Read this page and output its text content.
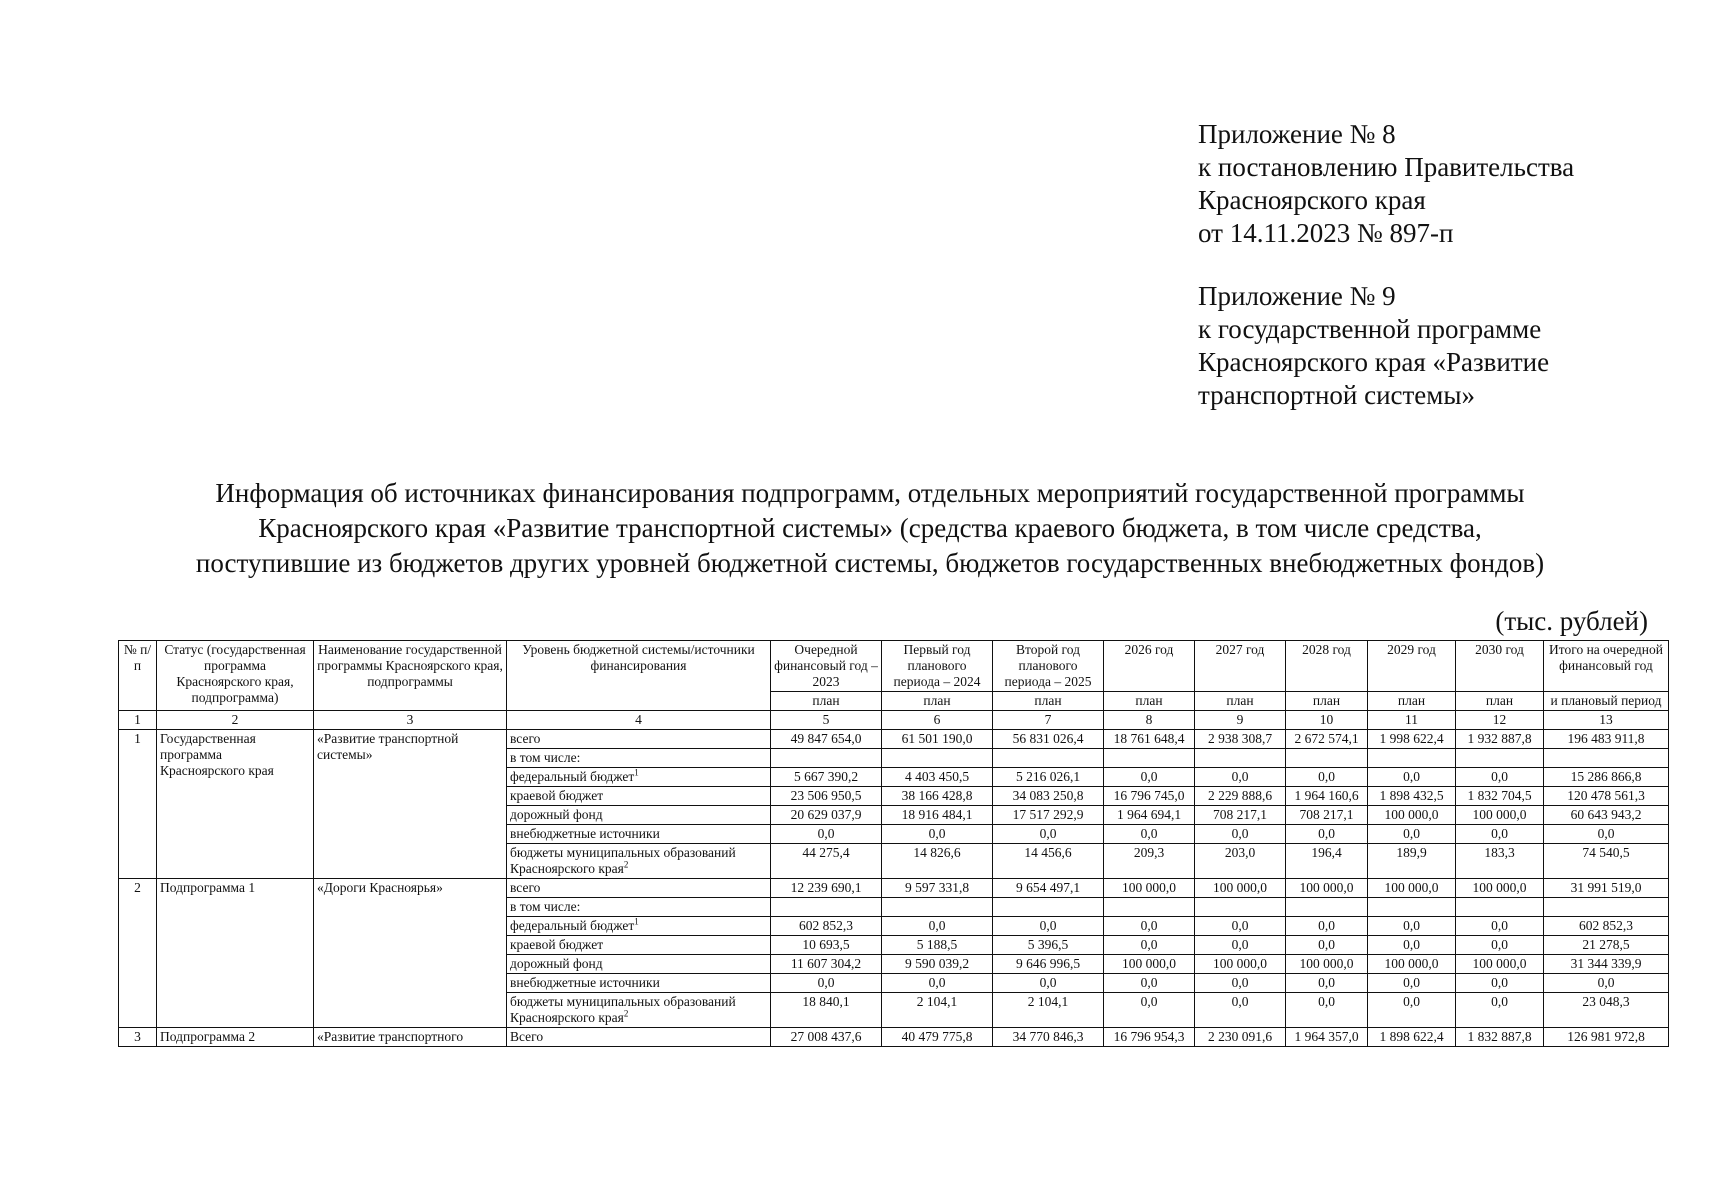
Приложение № 8
к постановлению Правительства
Красноярского края
от 14.11.2023 № 897-п
Приложение № 9
к государственной программе
Красноярского края «Развитие
транспортной системы»
Информация об источниках финансирования подпрограмм, отдельных мероприятий государственной программы
Красноярского края «Развитие транспортной системы» (средства краевого бюджета, в том числе средства,
поступившие из бюджетов других уровней бюджетной системы, бюджетов государственных внебюджетных фондов)
(тыс. рублей)
№ п/п	Статус (государственная программа Красноярского края, подпрограмма)	Наименование государственной программы Красноярского края, подпрограммы	Уровень бюджетной системы/источники финансирования	Очередной финансовый год – 2023	Первый год планового периода – 2024	Второй год планового периода – 2025	2026 год	2027 год	2028 год	2029 год	2030 год	Итого на очередной финансовый год
				план	план	план	план	план	план	план	план	и плановый период
1	2	3	4	5	6	7	8	9	10	11	12	13
1	Государственная программа Красноярского края	«Развитие транспортной системы»	всего	49 847 654,0	61 501 190,0	56 831 026,4	18 761 648,4	2 938 308,7	2 672 574,1	1 998 622,4	1 932 887,8	196 483 911,8
			в том числе:									
			федеральный бюджет$^1$	5 667 390,2	4 403 450,5	5 216 026,1	0,0	0,0	0,0	0,0	0,0	15 286 866,8
			краевой бюджет	23 506 950,5	38 166 428,8	34 083 250,8	16 796 745,0	2 229 888,6	1 964 160,6	1 898 432,5	1 832 704,5	120 478 561,3
			дорожный фонд	20 629 037,9	18 916 484,1	17 517 292,9	1 964 694,1	708 217,1	708 217,1	100 000,0	100 000,0	60 643 943,2
			внебюджетные источники	0,0	0,0	0,0	0,0	0,0	0,0	0,0	0,0	0,0
			бюджеты муниципальных образований Красноярского края$^2$	44 275,4	14 826,6	14 456,6	209,3	203,0	196,4	189,9	183,3	74 540,5
2	Подпрограмма 1	«Дороги Красноярья»	всего	12 239 690,1	9 597 331,8	9 654 497,1	100 000,0	100 000,0	100 000,0	100 000,0	100 000,0	31 991 519,0
			в том числе:									
			федеральный бюджет$^1$	602 852,3	0,0	0,0	0,0	0,0	0,0	0,0	0,0	602 852,3
			краевой бюджет	10 693,5	5 188,5	5 396,5	0,0	0,0	0,0	0,0	0,0	21 278,5
			дорожный фонд	11 607 304,2	9 590 039,2	9 646 996,5	100 000,0	100 000,0	100 000,0	100 000,0	100 000,0	31 344 339,9
			внебюджетные источники	0,0	0,0	0,0	0,0	0,0	0,0	0,0	0,0	0,0
			бюджеты муниципальных образований Красноярского края$^2$	18 840,1	2 104,1	2 104,1	0,0	0,0	0,0	0,0	0,0	23 048,3
3	Подпрограмма 2	«Развитие транспортного	Всего	27 008 437,6	40 479 775,8	34 770 846,3	16 796 954,3	2 230 091,6	1 964 357,0	1 898 622,4	1 832 887,8	126 981 972,8
